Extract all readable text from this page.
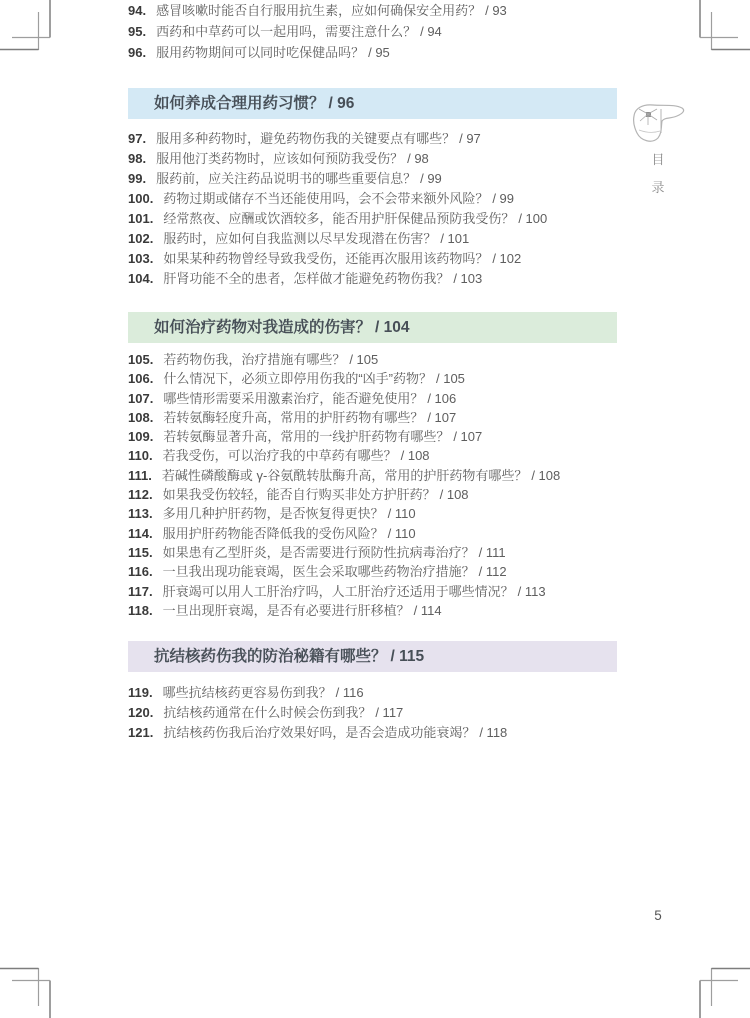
目
录
94. 感冒咳嗽时能否自行服用抗生素，应如何确保安全用药？ / 93
95. 西药和中草药可以一起用吗，需要注意什么？ / 94
96. 服用药物期间可以同时吃保健品吗？ / 95
如何养成合理用药习惯？ / 96
97. 服用多种药物时，避免药物伤我的关键要点有哪些？ / 97
98. 服用他汀类药物时，应该如何预防我受伤？ / 98
99. 服药前，应关注药品说明书的哪些重要信息？ / 99
100. 药物过期或储存不当还能使用吗，会不会带来额外风险？ / 99
101. 经常熬夜、应酬或饮酒较多，能否用护肝保健品预防我受伤？ / 100
102. 服药时，应如何自我监测以尽早发现潜在伤害？ / 101
103. 如果某种药物曾经导致我受伤，还能再次服用该药物吗？ / 102
104. 肝肾功能不全的患者，怎样做才能避免药物伤我？ / 103
如何治疗药物对我造成的伤害？ / 104
105. 若药物伤我，治疗措施有哪些？ / 105
106. 什么情况下，必须立即停用伤我的“凶手”药物？ / 105
107. 哪些情形需要采用激素治疗，能否避免使用？ / 106
108. 若转氨酶轻度升高，常用的护肝药物有哪些？ / 107
109. 若转氨酶显著升高，常用的一线护肝药物有哪些？ / 107
110. 若我受伤，可以治疗我的中草药有哪些？ / 108
111. 若碱性磷酸酶或 γ-谷氨酰转肽酶升高，常用的护肝药物有哪些？ / 108
112. 如果我受伤较轻，能否自行购买非处方护肝药？ / 108
113. 多用几种护肝药物，是否恢复得更快？ / 110
114. 服用护肝药物能否降低我的受伤风险？ / 110
115. 如果患有乙型肝炎，是否需要进行预防性抗病毒治疗？ / 111
116. 一旦我出现功能衰竭，医生会采取哪些药物治疗措施？ / 112
117. 肝衰竭可以用人工肝治疗吗，人工肝治疗还适用于哪些情况？ / 113
118. 一旦出现肝衰竭，是否有必要进行肝移植？ / 114
抗结核药伤我的防治秘籍有哪些？ / 115
119. 哪些抗结核药更容易伤到我？ / 116
120. 抗结核药通常在什么时候会伤到我？ / 117
121. 抗结核药伤我后治疗效果好吗，是否会造成功能衰竭？ / 118
5
